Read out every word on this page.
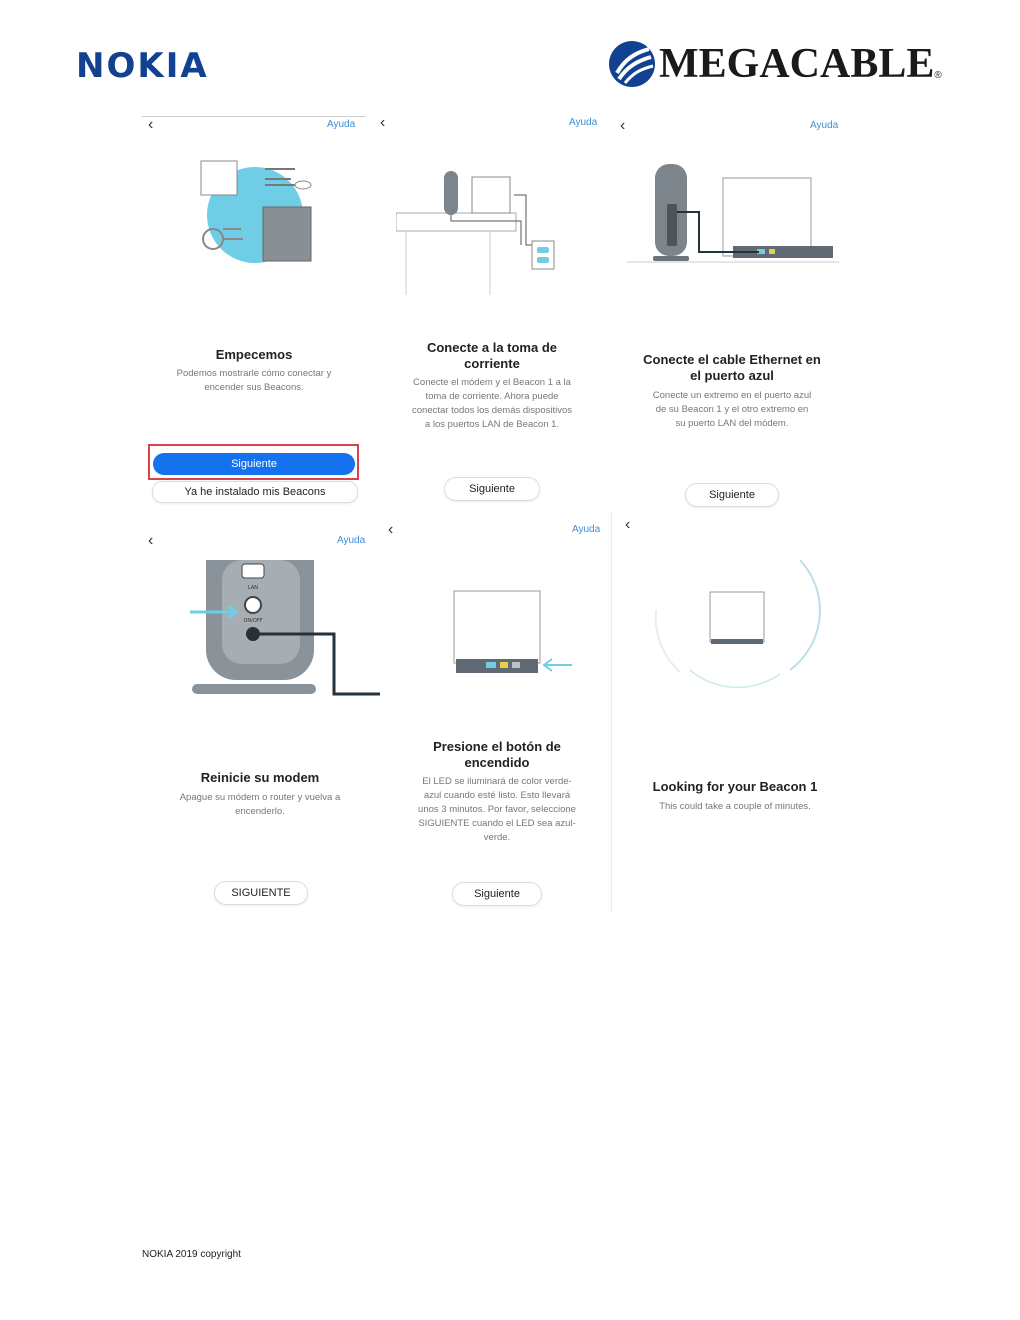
NOKIA	MEGACABLE ®
‹	Ayuda
Empecemos
Podemos mostrarle cómo conectar y
encender sus Beacons.
Siguiente
Ya he instalado mis Beacons
‹	Ayuda
Conecte a la toma de
corriente
Conecte el módem y el Beacon 1 a la
toma de corriente. Ahora puede
conectar todos los demás dispositivos
a los puertos LAN de Beacon 1.
Siguiente
‹	Ayuda
Conecte el cable Ethernet en
el puerto azul
Conecte un extremo en el puerto azul
de su Beacon 1 y el otro extremo en
su puerto LAN del módem.
Siguiente
‹	Ayuda
LAN
ON/OFF
Reinicie su modem
Apague su módem o router y vuelva a
encenderlo.
SIGUIENTE
‹	Ayuda
Presione el botón de
encendido
El LED se iluminará de color verde-
azul cuando esté listo. Esto llevará
unos 3 minutos. Por favor, seleccione
SIGUIENTE cuando el LED sea azul-
verde.
Siguiente
‹
Looking for your Beacon 1
This could take a couple of minutes.
NOKIA 2019 copyright
